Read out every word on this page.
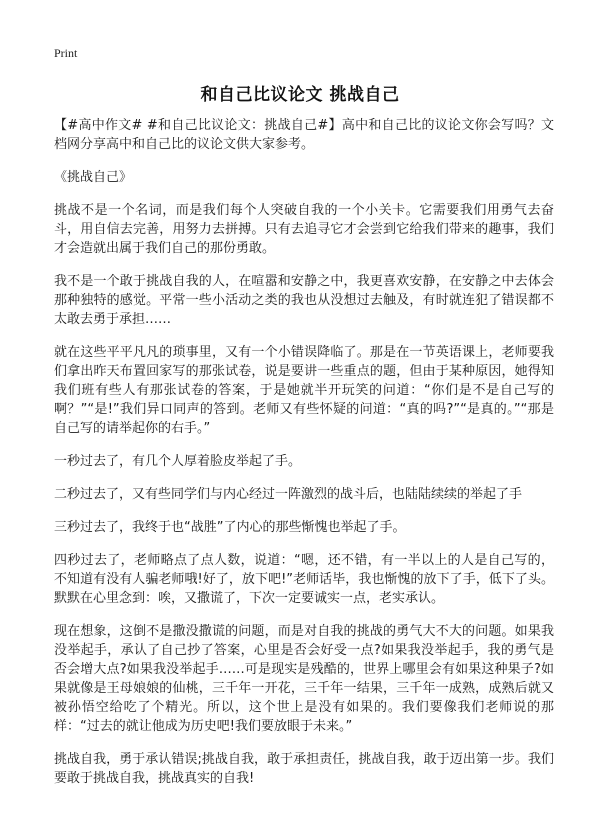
Print
和自己比议论文 挑战自己

【#高中作文# #和自己比议论文：挑战自己#】高中和自己比的议论文你会写吗？文档网分享高中和自己比的议论文供大家参考。

《挑战自己》

挑战不是一个名词，而是我们每个人突破自我的一个小关卡。它需要我们用勇气去奋斗，用自信去完善，用努力去拼搏。只有去追寻它才会尝到它给我们带来的趣事，我们才会造就出属于我们自己的那份勇敢。

我不是一个敢于挑战自我的人，在喧嚣和安静之中，我更喜欢安静，在安静之中去体会那种独特的感觉。平常一些小活动之类的我也从没想过去触及，有时就连犯了错误都不太敢去勇于承担……

就在这些平平凡凡的琐事里，又有一个小错误降临了。那是在一节英语课上，老师要我们拿出昨天布置回家写的那张试卷，说是要讲一些重点的题，但由于某种原因，她得知我们班有些人有那张试卷的答案，于是她就半开玩笑的问道：“你们是不是自己写的啊？”“是!”我们异口同声的答到。老师又有些怀疑的问道：“真的吗?”“是真的。”“那是自己写的请举起你的右手。”

一秒过去了，有几个人厚着脸皮举起了手。

二秒过去了，又有些同学们与内心经过一阵激烈的战斗后，也陆陆续续的举起了手

三秒过去了，我终于也“战胜”了内心的那些惭愧也举起了手。

四秒过去了，老师略点了点人数，说道：“嗯，还不错，有一半以上的人是自己写的，不知道有没有人骗老师哦!好了，放下吧!”老师话毕，我也惭愧的放下了手，低下了头。默默在心里念到：唉，又撒谎了，下次一定要诚实一点，老实承认。

现在想象，这倒不是撒没撒谎的问题，而是对自我的挑战的勇气大不大的问题。如果我没举起手，承认了自己抄了答案，心里是否会好受一点?如果我没举起手，我的勇气是否会增大点?如果我没举起手……可是现实是残酷的，世界上哪里会有如果这种果子?如果就像是王母娘娘的仙桃，三千年一开花，三千年一结果，三千年一成熟，成熟后就又被孙悟空给吃了个精光。所以，这个世上是没有如果的。我们要像我们老师说的那样：“过去的就让他成为历史吧!我们要放眼于未来。”

挑战自我，勇于承认错误;挑战自我，敢于承担责任，挑战自我，敢于迈出第一步。我们要敢于挑战自我，挑战真实的自我!
